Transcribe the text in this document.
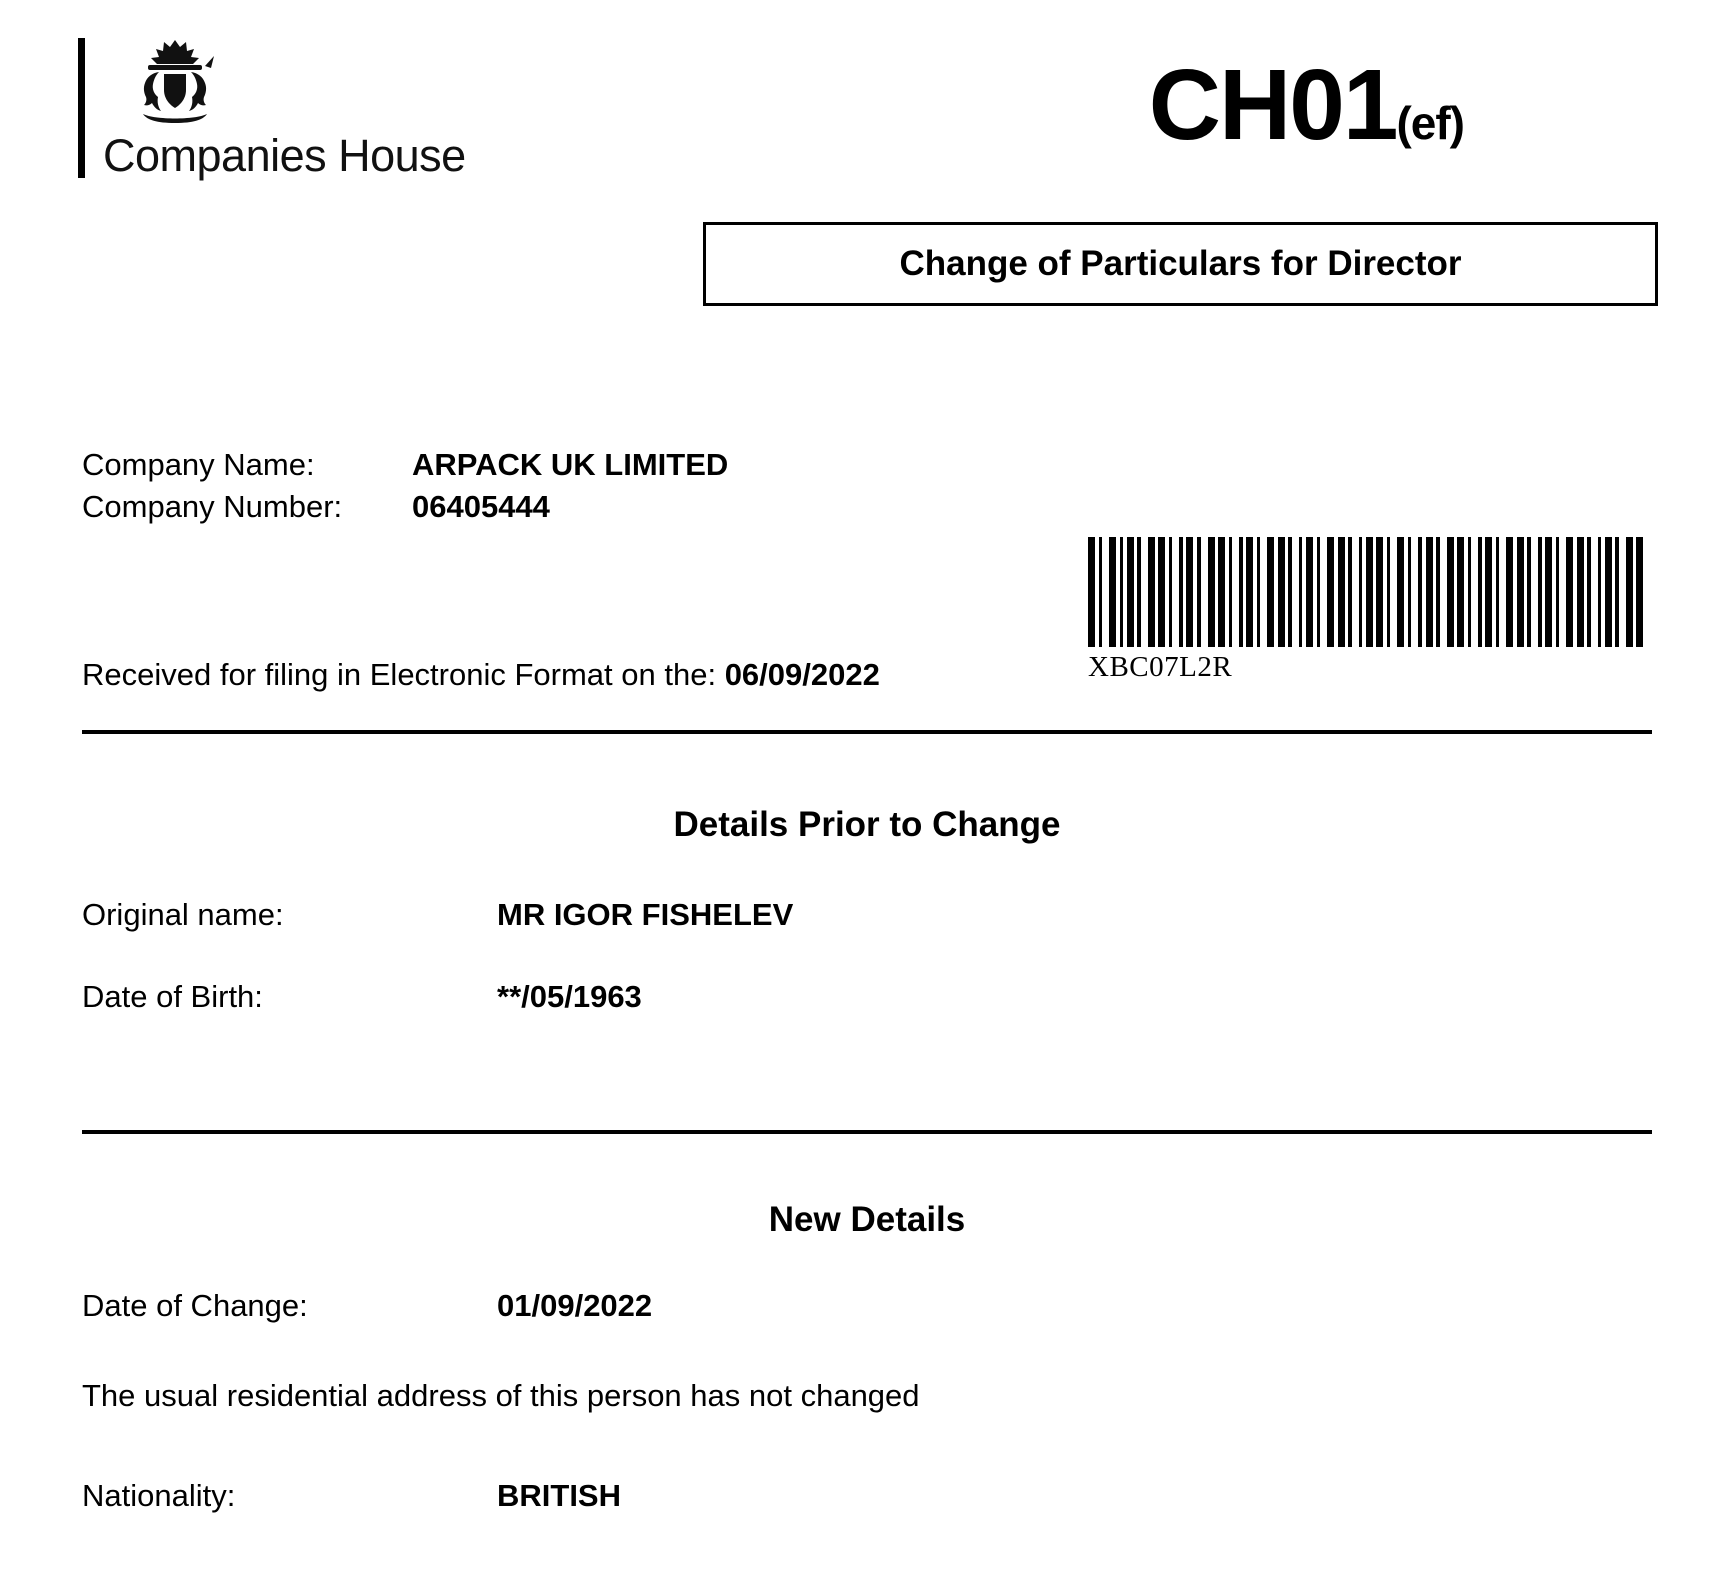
Companies House	CH01(ef)
Change of Particulars for Director
Company Name:	ARPACK UK LIMITED
Company Number:	06405444
Received for filing in Electronic Format on the: 06/09/2022	XBC07L2R
Details Prior to Change
Original name:	MR IGOR FISHELEV
Date of Birth:	**/05/1963
New Details
Date of Change:	01/09/2022
The usual residential address of this person has not changed
Nationality:	BRITISH
